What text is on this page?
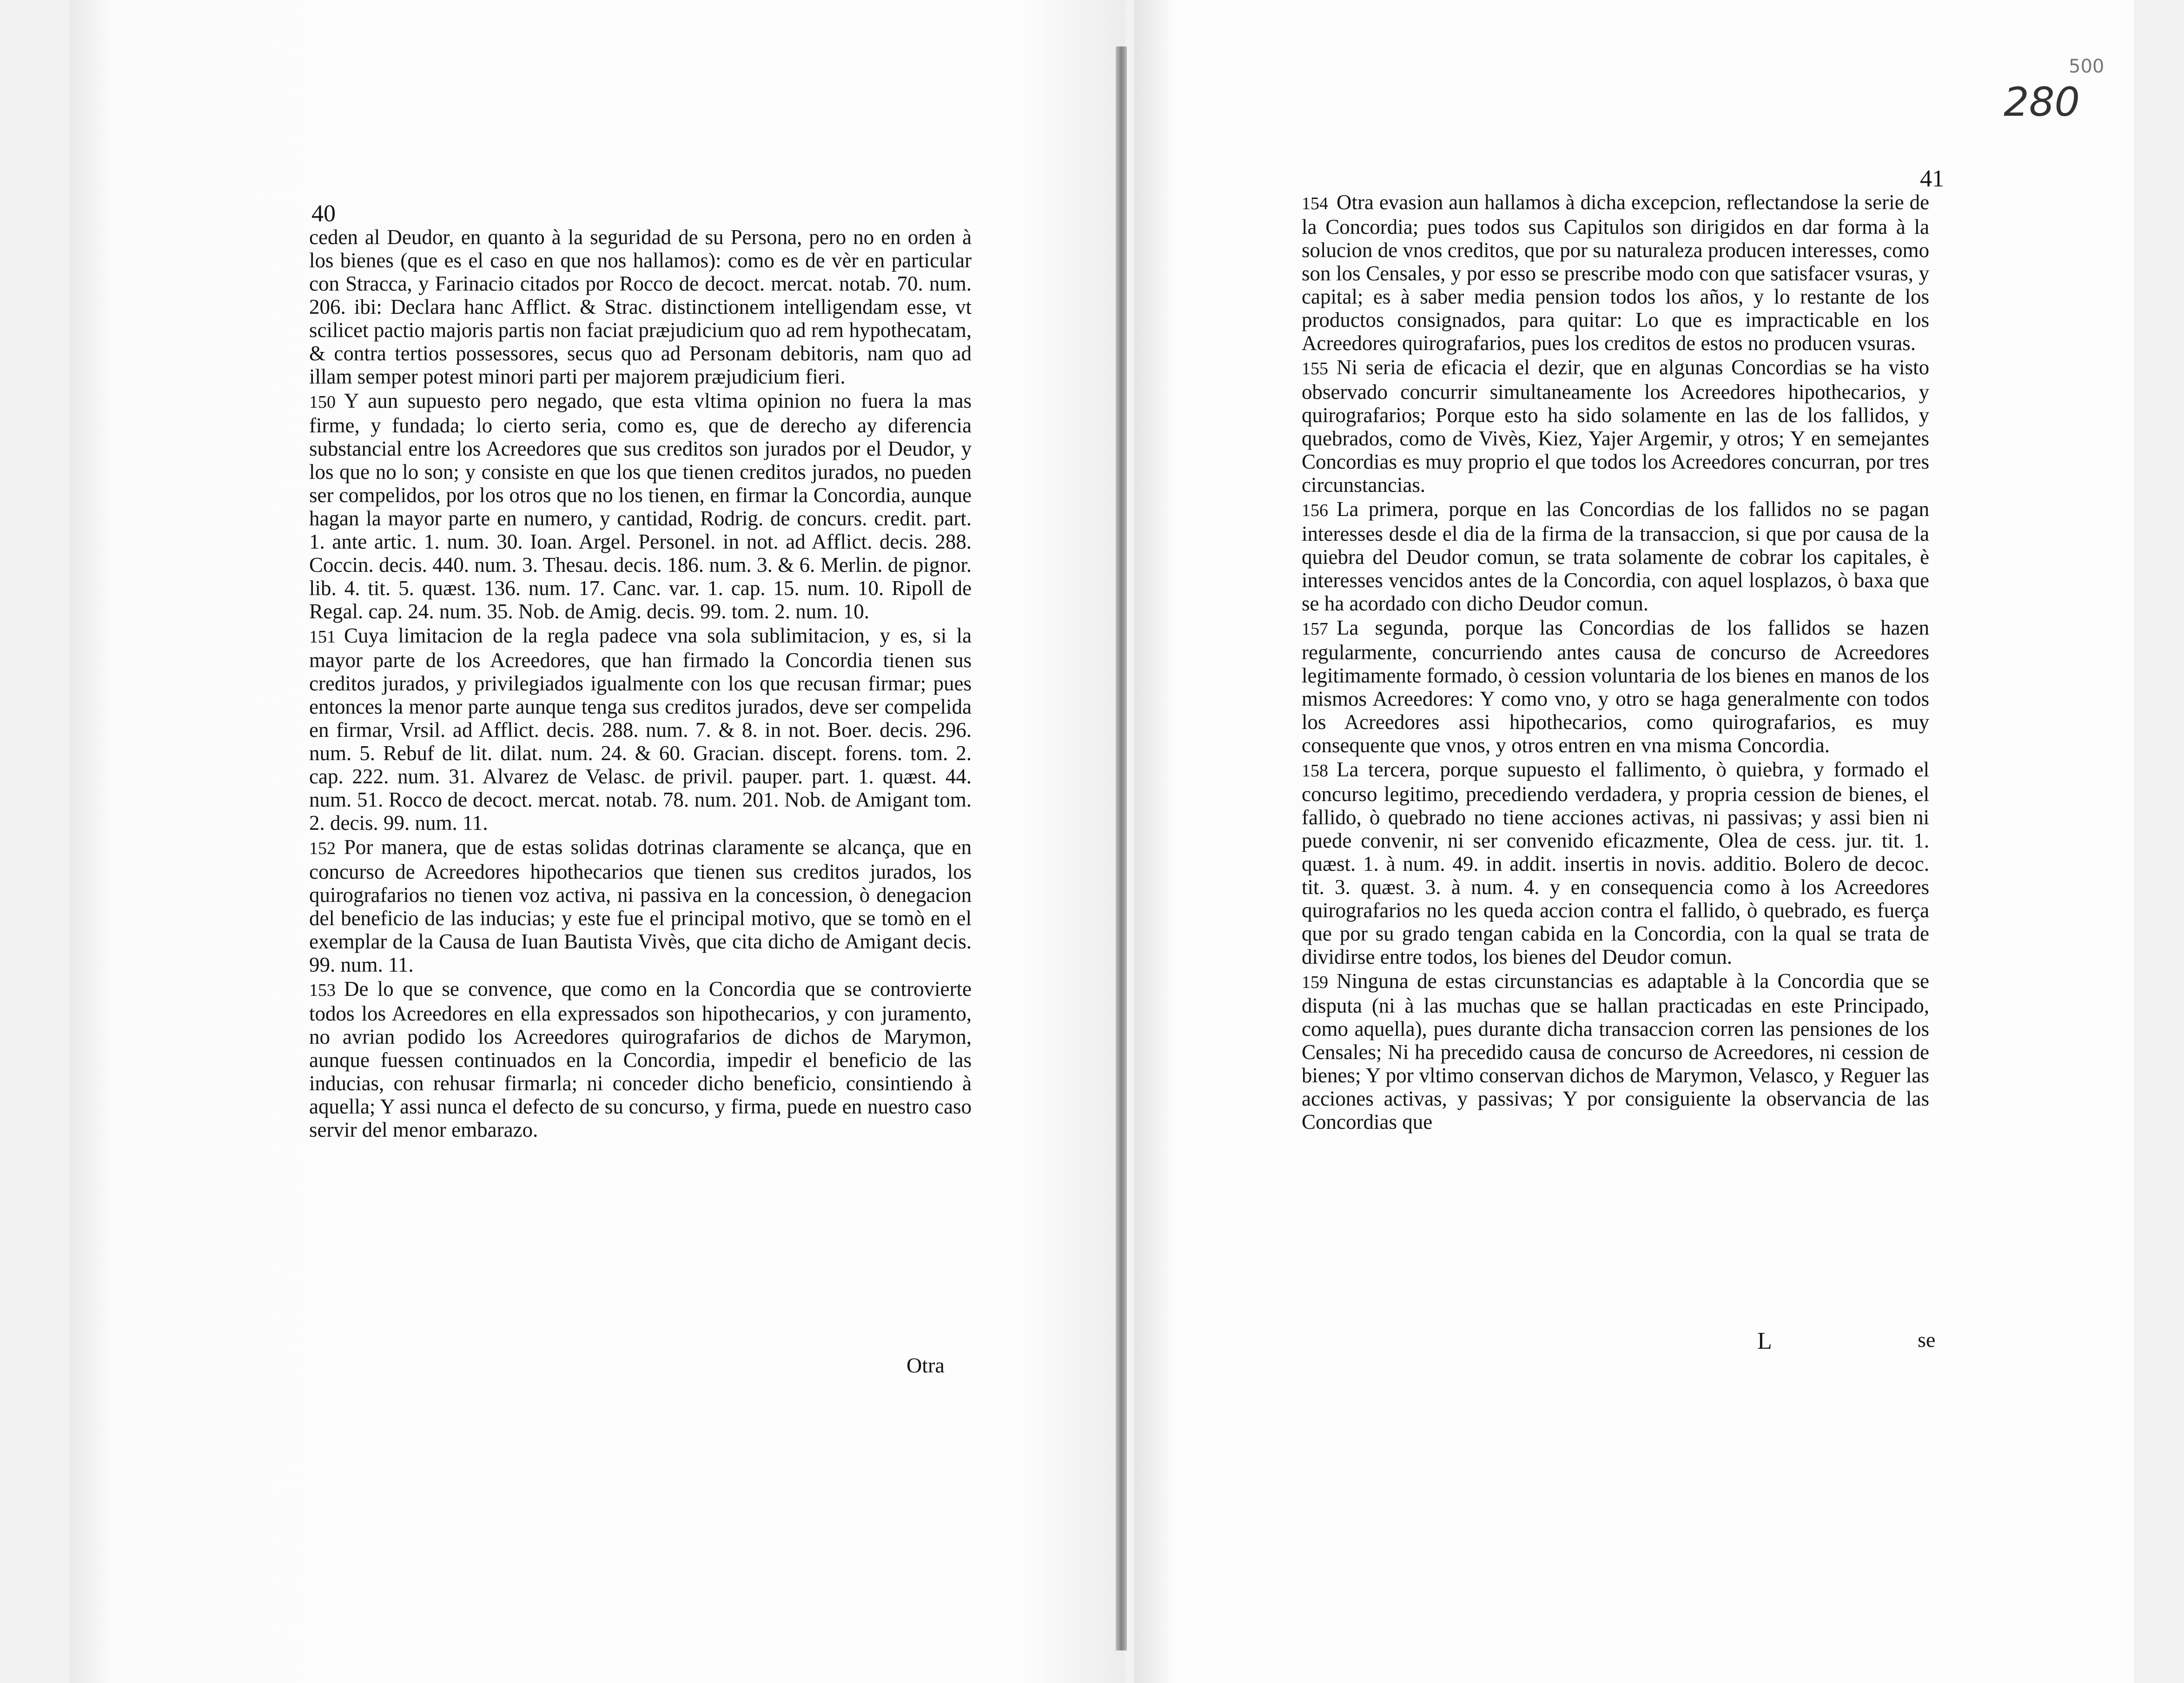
40

ceden al Deudor, en quanto à la seguridad de su Persona, pero no en orden à los bienes (que es el caso en que nos hallamos): como es de vèr en particular con Stracca, y Farinacio citados por Rocco de decoct. mercat. notab. 70. num. 206. ibi: Declara hanc Afflict. & Strac. distinctionem intelligendam esse, vt scilicet pactio majoris partis non faciat præjudicium quo ad rem hypothecatam, & contra tertios possessores, secus quo ad Personam debitoris, nam quo ad illam semper potest minori parti per majorem præjudicium fieri.

150 Y aun supuesto pero negado, que esta vltima opinion no fuera la mas firme, y fundada; lo cierto seria, como es, que de derecho ay diferencia substancial entre los Acreedores que sus creditos son jurados por el Deudor, y los que no lo son; y consiste en que los que tienen creditos jurados, no pueden ser compelidos, por los otros que no los tienen, en firmar la Concordia, aunque hagan la mayor parte en numero, y cantidad, Rodrig. de concurs. credit. part. 1. ante artic. 1. num. 30. Ioan. Argel. Personel. in not. ad Afflict. decis. 288. Coccin. decis. 440. num. 3. Thesau. decis. 186. num. 3. & 6. Merlin. de pignor. lib. 4. tit. 5. quæst. 136. num. 17. Canc. var. 1. cap. 15. num. 10. Ripoll de Regal. cap. 24. num. 35. Nob. de Amig. decis. 99. tom. 2. num. 10.

151 Cuya limitacion de la regla padece vna sola sublimitacion, y es, si la mayor parte de los Acreedores, que han firmado la Concordia tienen sus creditos jurados, y privilegiados igualmente con los que recusan firmar; pues entonces la menor parte aunque tenga sus creditos jurados, deve ser compelida en firmar, Vrsil. ad Afflict. decis. 288. num. 7. & 8. in not. Boer. decis. 296. num. 5. Rebuf de lit. dilat. num. 24. & 60. Gracian. discept. forens. tom. 2. cap. 222. num. 31. Alvarez de Velasc. de privil. pauper. part. 1. quæst. 44. num. 51. Rocco de decoct. mercat. notab. 78. num. 201. Nob. de Amigant tom. 2. decis. 99. num. 11.

152 Por manera, que de estas solidas dotrinas claramente se alcança, que en concurso de Acreedores hipothecarios que tienen sus creditos jurados, los quirografarios no tienen voz activa, ni passiva en la concession, ò denegacion del beneficio de las inducias; y este fue el principal motivo, que se tomò en el exemplar de la Causa de Iuan Bautista Vivès, que cita dicho de Amigant decis. 99. num. 11.

153 De lo que se convence, que como en la Concordia que se controvierte todos los Acreedores en ella expressados son hipothecarios, y con juramento, no avrian podido los Acreedores quirografarios de dichos de Marymon, aunque fuessen continuados en la Concordia, impedir el beneficio de las inducias, con rehusar firmarla; ni conceder dicho beneficio, consintiendo à aquella; Y assi nunca el defecto de su concurso, y firma, puede en nuestro caso servir del menor embarazo.

Otra
500
280
41

154 Otra evasion aun hallamos à dicha excepcion, reflectandose la serie de la Concordia; pues todos sus Capitulos son dirigidos en dar forma à la solucion de vnos creditos, que por su naturaleza producen interesses, como son los Censales, y por esso se prescribe modo con que satisfacer vsuras, y capital; es à saber media pension todos los años, y lo restante de los productos consignados, para quitar: Lo que es impracticable en los Acreedores quirografarios, pues los creditos de estos no producen vsuras.

155 Ni seria de eficacia el dezir, que en algunas Concordias se ha visto observado concurrir simultaneamente los Acreedores hipothecarios, y quirografarios; Porque esto ha sido solamente en las de los fallidos, y quebrados, como de Vivès, Kiez, Yajer Argemir, y otros; Y en semejantes Concordias es muy proprio el que todos los Acreedores concurran, por tres circunstancias.

156 La primera, porque en las Concordias de los fallidos no se pagan interesses desde el dia de la firma de la transaccion, si que por causa de la quiebra del Deudor comun, se trata solamente de cobrar los capitales, è interesses vencidos antes de la Concordia, con aquel losplazos, ò baxa que se ha acordado con dicho Deudor comun.

157 La segunda, porque las Concordias de los fallidos se hazen regularmente, concurriendo antes causa de concurso de Acreedores legitimamente formado, ò cession voluntaria de los bienes en manos de los mismos Acreedores: Y como vno, y otro se haga generalmente con todos los Acreedores assi hipothecarios, como quirografarios, es muy consequente que vnos, y otros entren en vna misma Concordia.

158 La tercera, porque supuesto el fallimento, ò quiebra, y formado el concurso legitimo, precediendo verdadera, y propria cession de bienes, el fallido, ò quebrado no tiene acciones activas, ni passivas; y assi bien ni puede convenir, ni ser convenido eficazmente, Olea de cess. jur. tit. 1. quæst. 1. à num. 49. in addit. insertis in novis. additio. Bolero de decoc. tit. 3. quæst. 3. à num. 4. y en consequencia como à los Acreedores quirografarios no les queda accion contra el fallido, ò quebrado, es fuerça que por su grado tengan cabida en la Concordia, con la qual se trata de dividirse entre todos, los bienes del Deudor comun.

159 Ninguna de estas circunstancias es adaptable à la Concordia que se disputa (ni à las muchas que se hallan practicadas en este Principado, como aquella), pues durante dicha transaccion corren las pensiones de los Censales; Ni ha precedido causa de concurso de Acreedores, ni cession de bienes; Y por vltimo conservan dichos de Marymon, Velasco, y Reguer las acciones activas, y passivas; Y por consiguiente la observancia de las Concordias que

L	se
